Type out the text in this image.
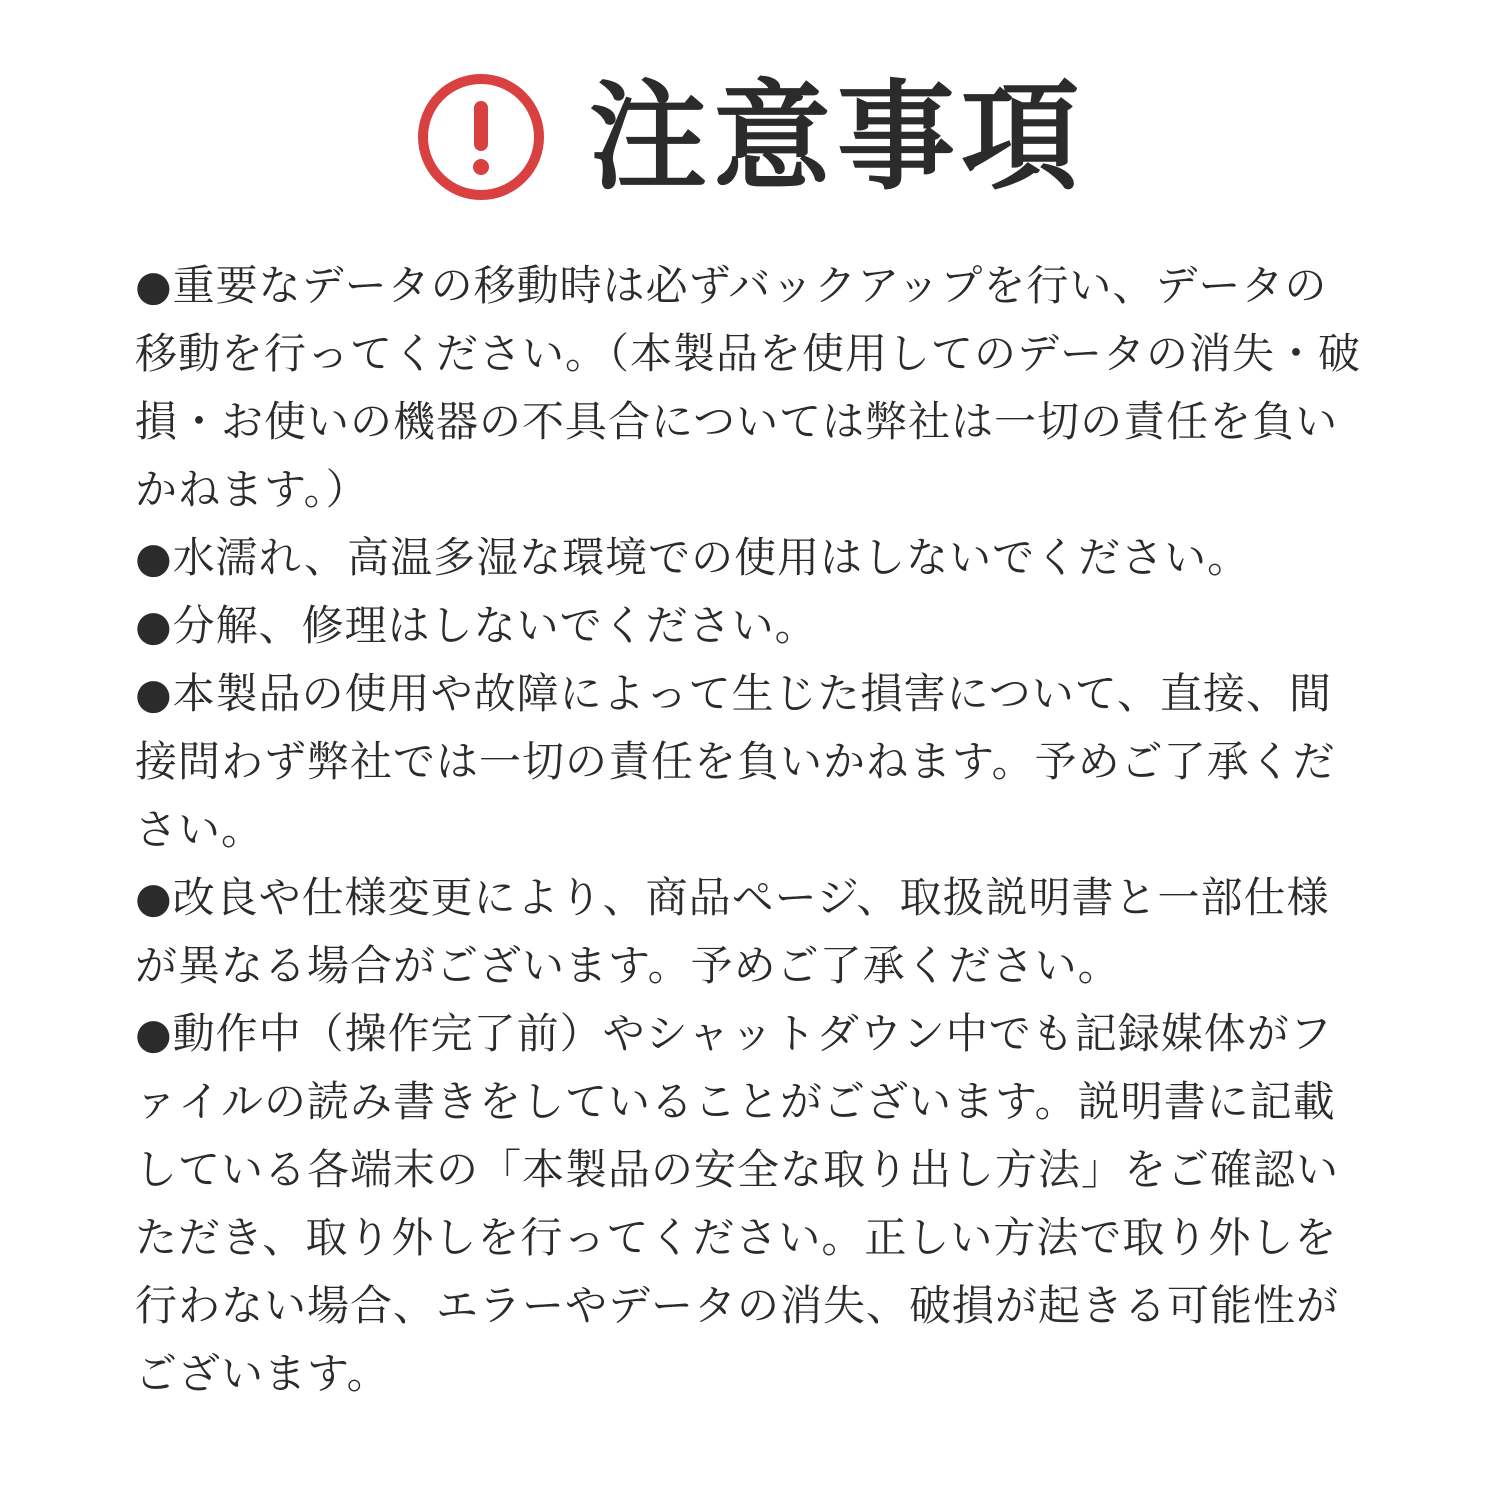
注意事項

●重要なデータの移動時は必ずバックアップを行い、データの移動を行ってください。（本製品を使用してのデータの消失・破損・お使いの機器の不具合については弊社は一切の責任を負いかねます。）

●水濡れ、高温多湿な環境での使用はしないでください。

●分解、修理はしないでください。

●本製品の使用や故障によって生じた損害について、直接、間接問わず弊社では一切の責任を負いかねます。予めご了承ください。

●改良や仕様変更により、商品ページ、取扱説明書と一部仕様が異なる場合がございます。予めご了承ください。

●動作中（操作完了前）やシャットダウン中でも記録媒体がファイルの読み書きをしていることがございます。説明書に記載している各端末の「本製品の安全な取り出し方法」をご確認いただき、取り外しを行ってください。正しい方法で取り外しを行わない場合、エラーやデータの消失、破損が起きる可能性がございます。
